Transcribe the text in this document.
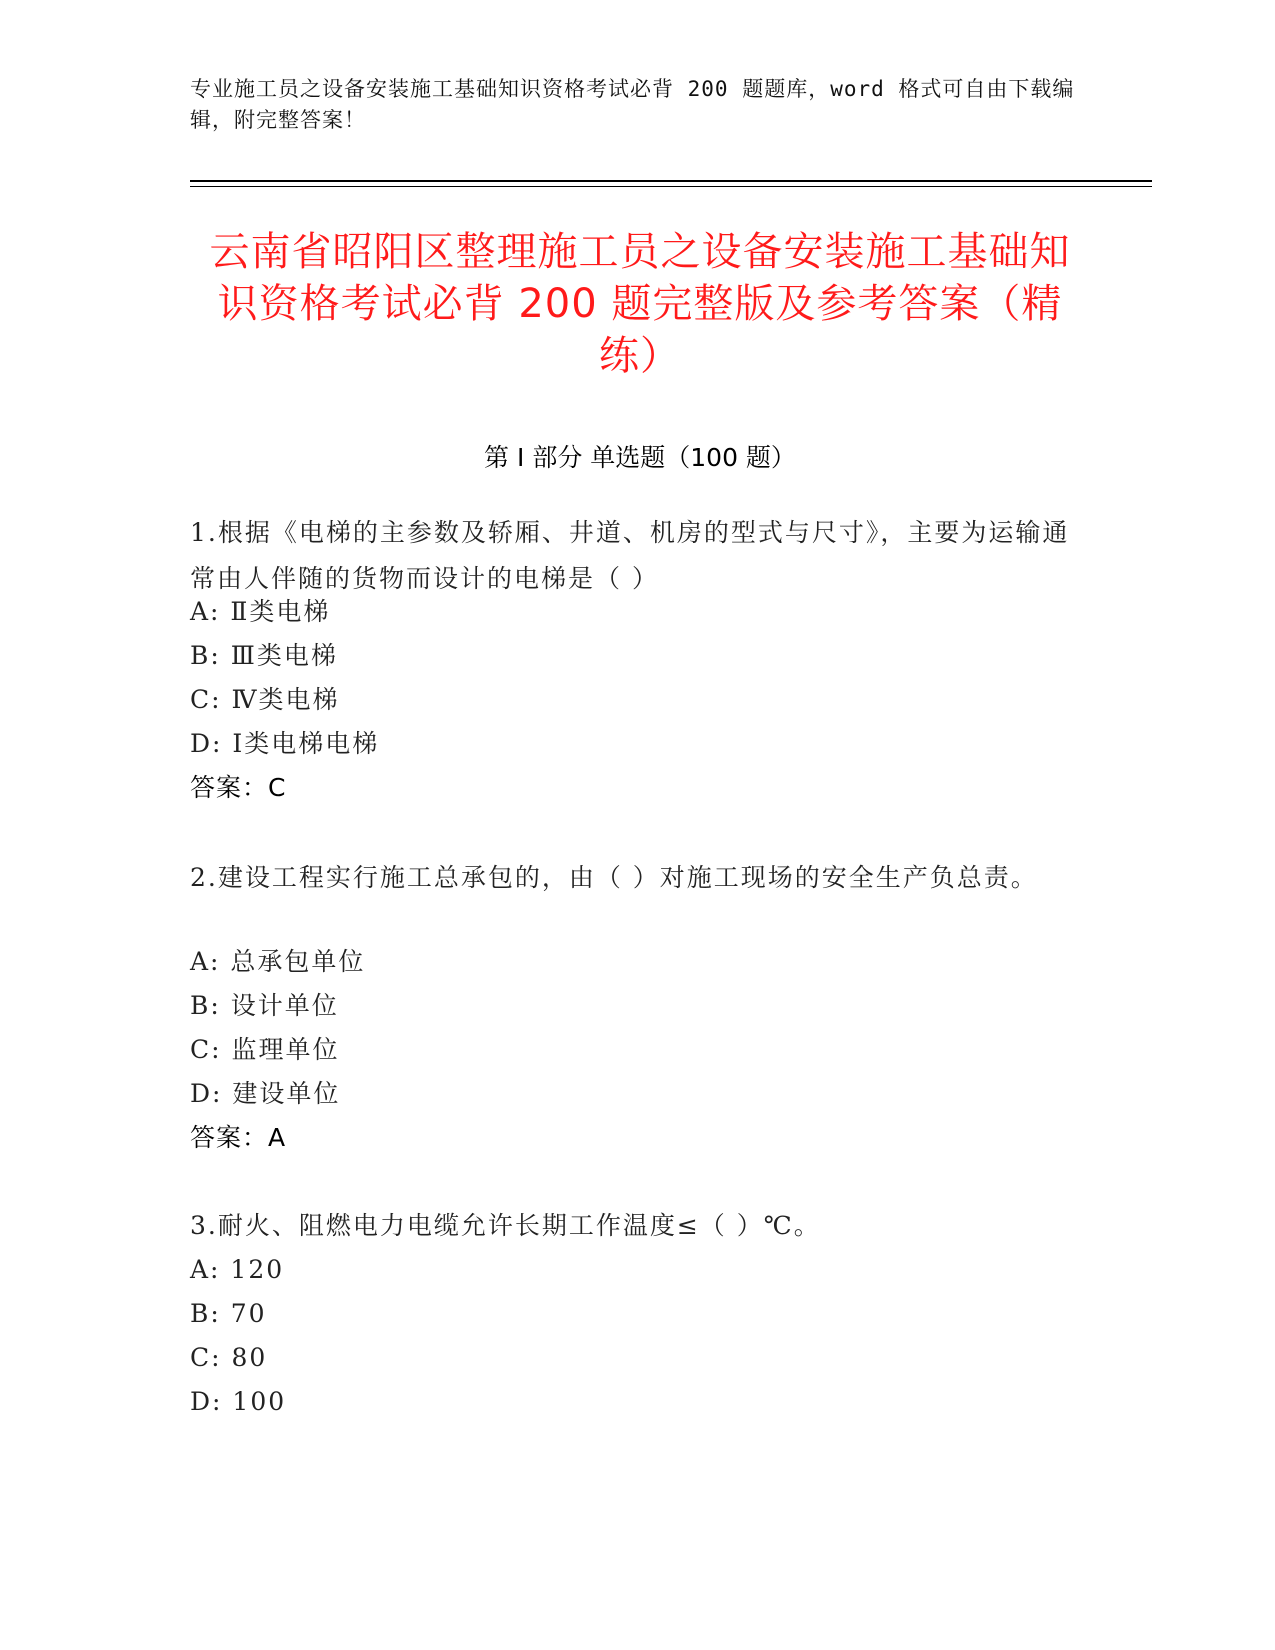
专业施工员之设备安装施工基础知识资格考试必背 200 题题库，word 格式可自由下载编辑，附完整答案！
云南省昭阳区整理施工员之设备安装施工基础知识资格考试必背 200 题完整版及参考答案（精练）
第 I 部分 单选题（100 题）
1.根据《电梯的主参数及轿厢、井道、机房的型式与尺寸》，主要为运输通常由人伴随的货物而设计的电梯是（ ）
A: Ⅱ类电梯
B: Ⅲ类电梯
C: Ⅳ类电梯
D: Ⅰ类电梯电梯
答案：C
2.建设工程实行施工总承包的，由（ ）对施工现场的安全生产负总责。
A: 总承包单位
B: 设计单位
C: 监理单位
D: 建设单位
答案：A
3.耐火、阻燃电力电缆允许长期工作温度≤（ ）℃。
A: 120
B: 70
C: 80
D: 100
